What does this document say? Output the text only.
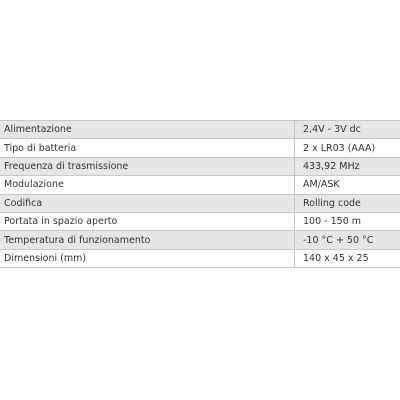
Alimentazione	2,4V - 3V dc
Tipo di batteria	2 x LR03 (AAA)
Frequenza di trasmissione	433,92 MHz
Modulazione	AM/ASK
Codifica	Rolling code
Portata in spazio aperto	100 - 150 m
Temperatura di funzionamento	-10 °C + 50 °C
Dimensioni (mm)	140 x 45 x 25
